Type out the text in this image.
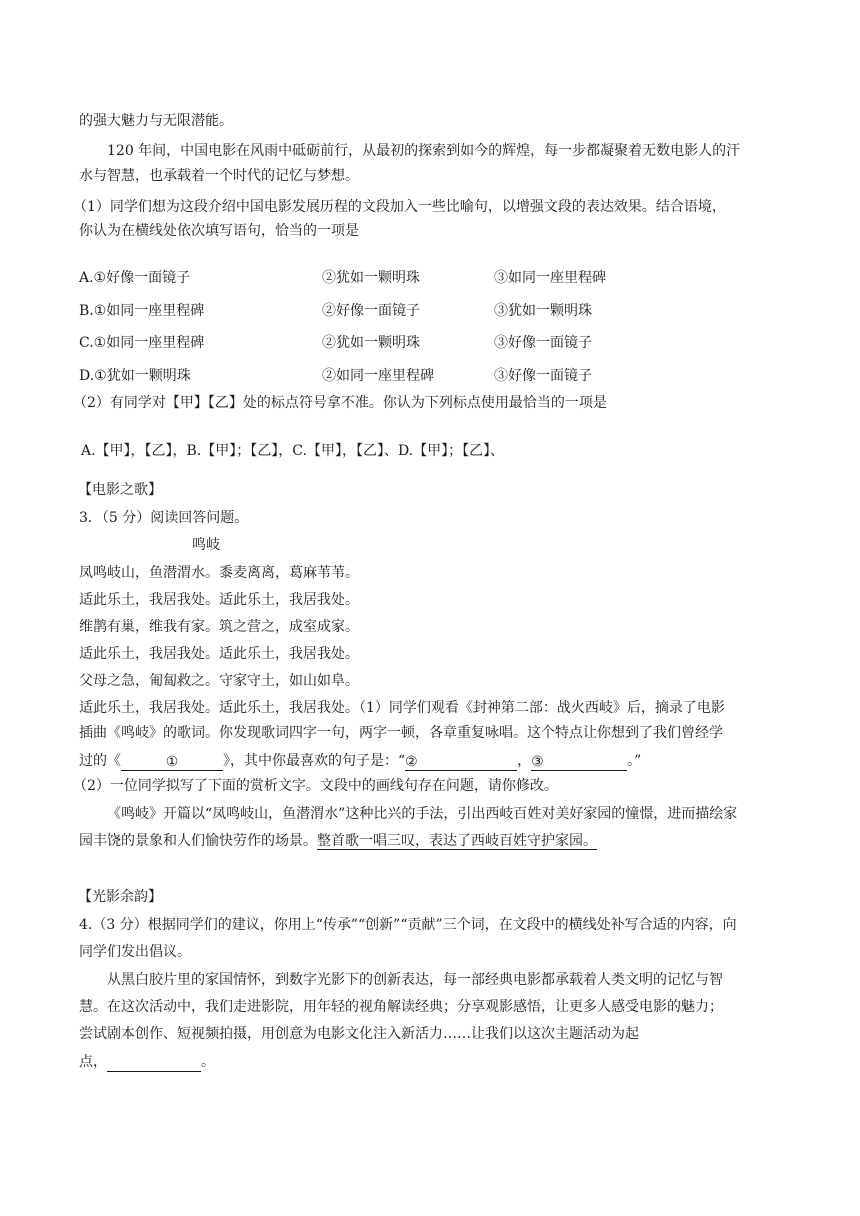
的强大魅力与无限潜能。
120 年间，中国电影在风雨中砥砺前行，从最初的探索到如今的辉煌，每一步都凝聚着无数电影人的汗
水与智慧，也承载着一个时代的记忆与梦想。
（1）同学们想为这段介绍中国电影发展历程的文段加入一些比喻句，以增强文段的表达效果。结合语境，
你认为在横线处依次填写语句，恰当的一项是
A.①好像一面镜子	②犹如一颗明珠	③如同一座里程碑
B.①如同一座里程碑	②好像一面镜子	③犹如一颗明珠
C.①如同一座里程碑	②犹如一颗明珠	③好像一面镜子
D.①犹如一颗明珠	②如同一座里程碑	③好像一面镜子
（2）有同学对【甲】【乙】处的标点符号拿不准。你认为下列标点使用最恰当的一项是
A.【甲】，【乙】，B.【甲】；【乙】，C.【甲】，【乙】、D.【甲】；【乙】、
【电影之歌】
3．（5 分）阅读回答问题。
鸣岐
凤鸣岐山，鱼潜渭水。黍麦离离，葛麻苇苇。
适此乐土，我居我处。适此乐土，我居我处。
维鹊有巢，维我有家。筑之营之，成室成家。
适此乐土，我居我处。适此乐土，我居我处。
父母之急，匍匐救之。守家守土，如山如阜。
适此乐土，我居我处。适此乐土，我居我处。（1）同学们观看《封神第二部：战火西岐》后，摘录了电影
插曲《鸣岐》的歌词。你发现歌词四字一句，两字一顿，各章重复咏唱。这个特点让你想到了我们曾经学
过的《	①	》，其中你最喜欢的句子是：“②	，③	。”
（2）一位同学拟写了下面的赏析文字。文段中的画线句存在问题，请你修改。
《鸣岐》开篇以“凤鸣岐山，鱼潜渭水”这种比兴的手法，引出西岐百姓对美好家园的憧憬，进而描绘家
园丰饶的景象和人们愉快劳作的场景。整首歌一唱三叹，表达了西岐百姓守护家园。
【光影余韵】
4.（3 分）根据同学们的建议，你用上“传承”“创新”“贡献”三个词，在文段中的横线处补写合适的内容，向
同学们发出倡议。
从黑白胶片里的家国情怀，到数字光影下的创新表达，每一部经典电影都承载着人类文明的记忆与智
慧。在这次活动中，我们走进影院，用年轻的视角解读经典；分享观影感悟，让更多人感受电影的魅力；
尝试剧本创作、短视频拍摄，用创意为电影文化注入新活力……让我们以这次主题活动为起
点，	。
